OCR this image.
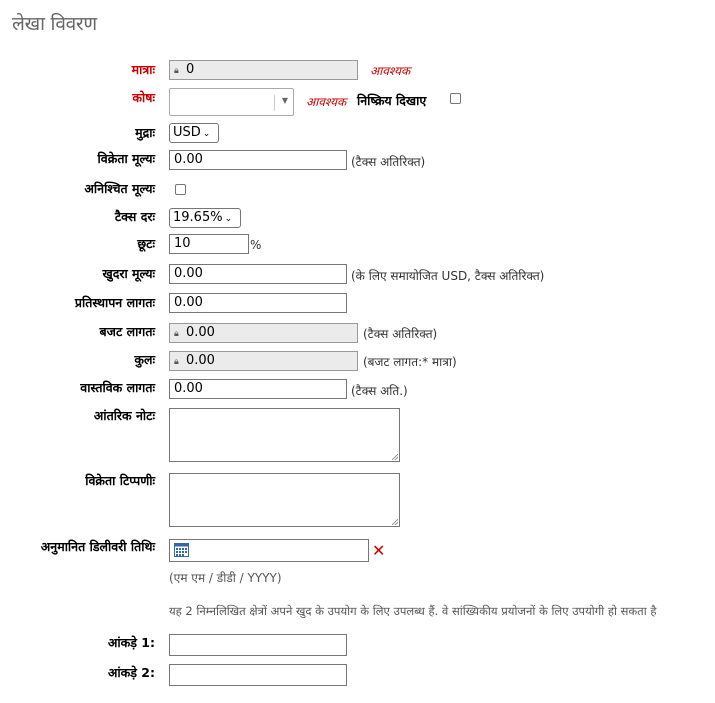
लेखा विवरण
मात्राः	🔒︎ 0	आवश्यक
कोषः	▼ आवश्यक निष्क्रिय दिखाए
मुद्राः	USD ⌄
विक्रेता मूल्यः	0.00	(टैक्स अतिरिक्त)
अनिश्चित मूल्यः
टैक्स दरः	19.65% ⌄
छूटः	10	%
खुदरा मूल्यः	0.00	(के लिए समायोजित USD, टैक्स अतिरिक्त)
प्रतिस्थापन लागतः	0.00
बजट लागतः	🔒︎ 0.00	(टैक्स अतिरिक्त)
कुलः	🔒︎ 0.00	(बजट लागत:* मात्रा)
वास्तविक लागतः	0.00	(टैक्स अति.)
आंतरिक नोटः
विक्रेता टिप्पणीः
अनुमानित डिलीवरी तिथिः	✕
(एम एम / डीडी / YYYY)
यह 2 निम्नलिखित क्षेत्रों अपने खुद के उपयोग के लिए उपलब्ध हैं. वे सांख्यिकीय प्रयोजनों के लिए उपयोगी हो सकता है
आंकड़े 1:
आंकड़े 2:
